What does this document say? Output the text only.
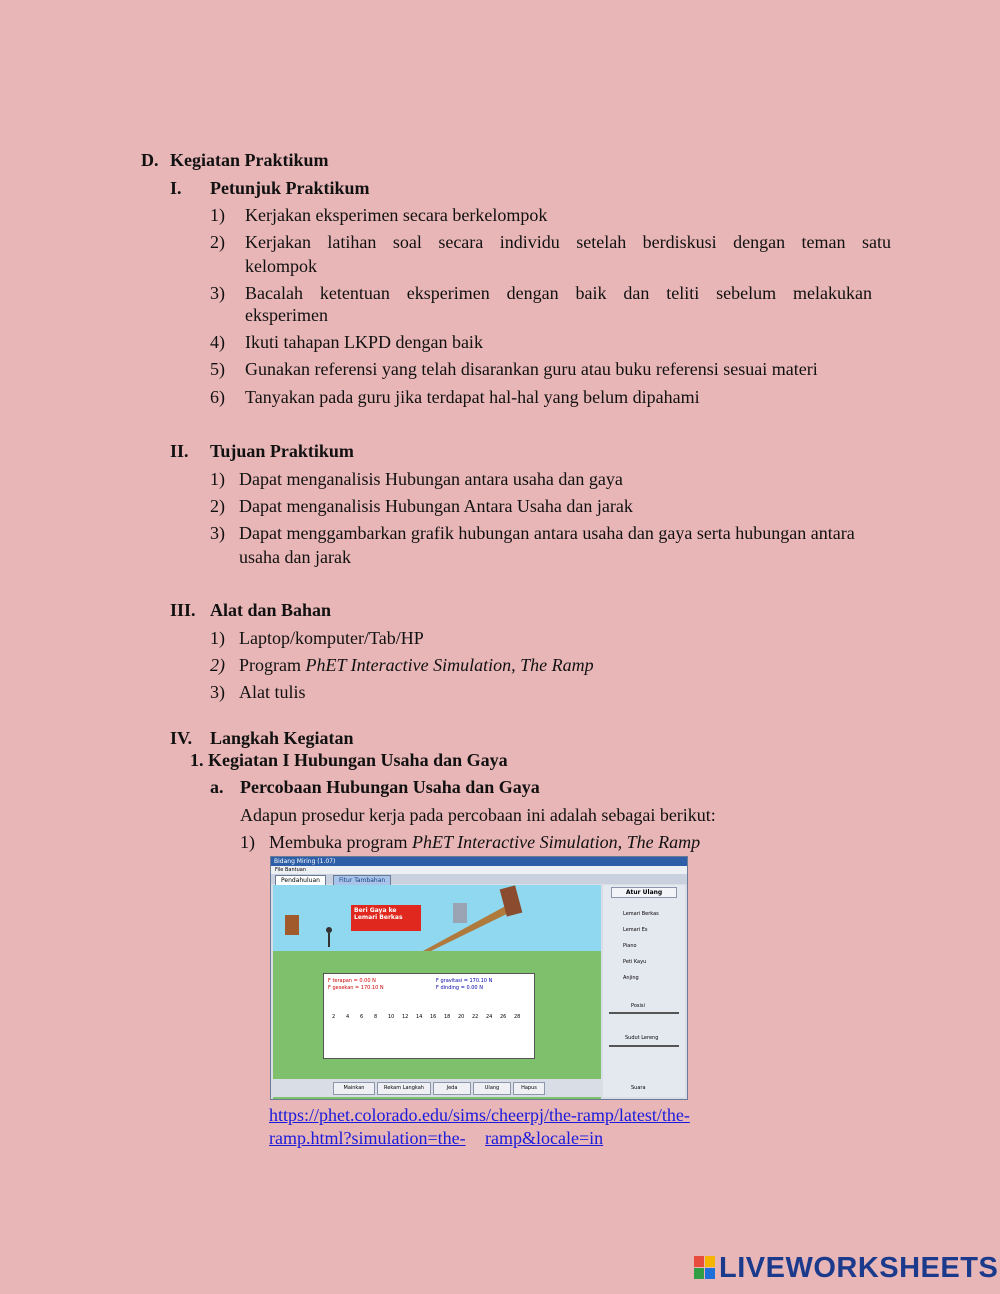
D. Kegiatan Praktikum
I. Petunjuk Praktikum
1) Kerjakan eksperimen secara berkelompok
2) Kerjakan latihan soal secara individu setelah berdiskusi dengan teman satu
kelompok
3) Bacalah ketentuan eksperimen dengan baik dan teliti sebelum melakukan
eksperimen
4) Ikuti tahapan LKPD dengan baik
5) Gunakan referensi yang telah disarankan guru atau buku referensi sesuai materi
6) Tanyakan pada guru jika terdapat hal-hal yang belum dipahami
II. Tujuan Praktikum
1) Dapat menganalisis Hubungan antara usaha dan gaya
2) Dapat menganalisis Hubungan Antara Usaha dan jarak
3) Dapat menggambarkan grafik hubungan antara usaha dan gaya serta hubungan antara
usaha dan jarak
III. Alat dan Bahan
1) Laptop/komputer/Tab/HP
2) Program PhET Interactive Simulation, The Ramp
3) Alat tulis
IV. Langkah Kegiatan
1. Kegiatan I Hubungan Usaha dan Gaya
a. Percobaan Hubungan Usaha dan Gaya
Adapun prosedur kerja pada percobaan ini adalah sebagai berikut:
1) Membuka program PhET Interactive Simulation, The Ramp
Bidang Miring (1.07)
File Bantuan
Pendahuluan	Fitur Tambahan
Beri Gaya ke Lemari Berkas
F terapan = 0.00 N
F gesekan = 170.10 N
F gravitasi = 170.10 N
F dinding = 0.00 N
2 4 6 8 10 12 14 16 18 20 22 24 26 28
Atur Ulang
Lemari Berkas
Lemari Es
Piano
Peti Kayu
Anjing
Posisi
Sudut Lereng
Suara
Mainkan	Rekam Langkah	Jeda	Ulang	Hapus
https://phet.colorado.edu/sims/cheerpj/the-ramp/latest/the-
ramp.html?simulation=the- ramp&locale=in
LIVEWORKSHEETS
